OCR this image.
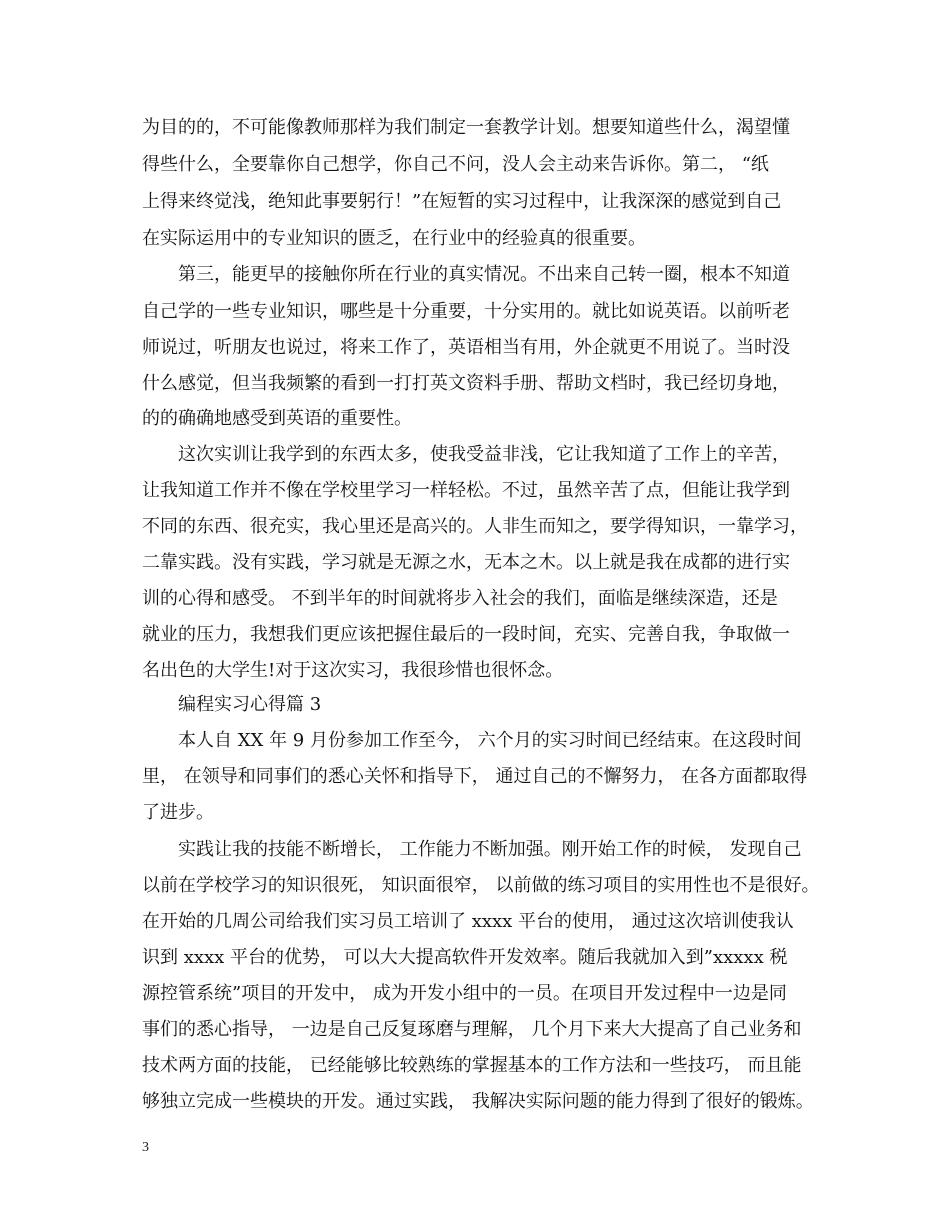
为目的的，不可能像教师那样为我们制定一套教学计划。想要知道些什么，渴望懂

得些什么，全要靠你自己想学，你自己不问，没人会主动来告诉你。第二， “纸

上得来终觉浅，绝知此事要躬行！”在短暂的实习过程中，让我深深的感觉到自己

在实际运用中的专业知识的匮乏，在行业中的经验真的很重要。

第三，能更早的接触你所在行业的真实情况。不出来自己转一圈，根本不知道

自己学的一些专业知识，哪些是十分重要，十分实用的。就比如说英语。以前听老

师说过，听朋友也说过，将来工作了，英语相当有用，外企就更不用说了。当时没

什么感觉，但当我频繁的看到一打打英文资料手册、帮助文档时，我已经切身地，

的的确确地感受到英语的重要性。

这次实训让我学到的东西太多，使我受益非浅，它让我知道了工作上的辛苦，

让我知道工作并不像在学校里学习一样轻松。不过，虽然辛苦了点，但能让我学到

不同的东西、很充实，我心里还是高兴的。人非生而知之，要学得知识，一靠学习，

二靠实践。没有实践，学习就是无源之水，无本之木。以上就是我在成都的进行实

训的心得和感受。 不到半年的时间就将步入社会的我们，面临是继续深造，还是

就业的压力，我想我们更应该把握住最后的一段时间，充实、完善自我，争取做一

名出色的大学生!对于这次实习，我很珍惜也很怀念。

编程实习心得篇 3

本人自 XX 年 9 月份参加工作至今， 六个月的实习时间已经结束。在这段时间

里， 在领导和同事们的悉心关怀和指导下， 通过自己的不懈努力， 在各方面都取得

了进步。

实践让我的技能不断增长， 工作能力不断加强。刚开始工作的时候， 发现自己

以前在学校学习的知识很死， 知识面很窄， 以前做的练习项目的实用性也不是很好。

在开始的几周公司给我们实习员工培训了 xxxx 平台的使用， 通过这次培训使我认

识到 xxxx 平台的优势， 可以大大提高软件开发效率。随后我就加入到”xxxxx 税

源控管系统”项目的开发中， 成为开发小组中的一员。在项目开发过程中一边是同

事们的悉心指导， 一边是自己反复琢磨与理解， 几个月下来大大提高了自己业务和

技术两方面的技能， 已经能够比较熟练的掌握基本的工作方法和一些技巧， 而且能

够独立完成一些模块的开发。通过实践， 我解决实际问题的能力得到了很好的锻炼。

3
